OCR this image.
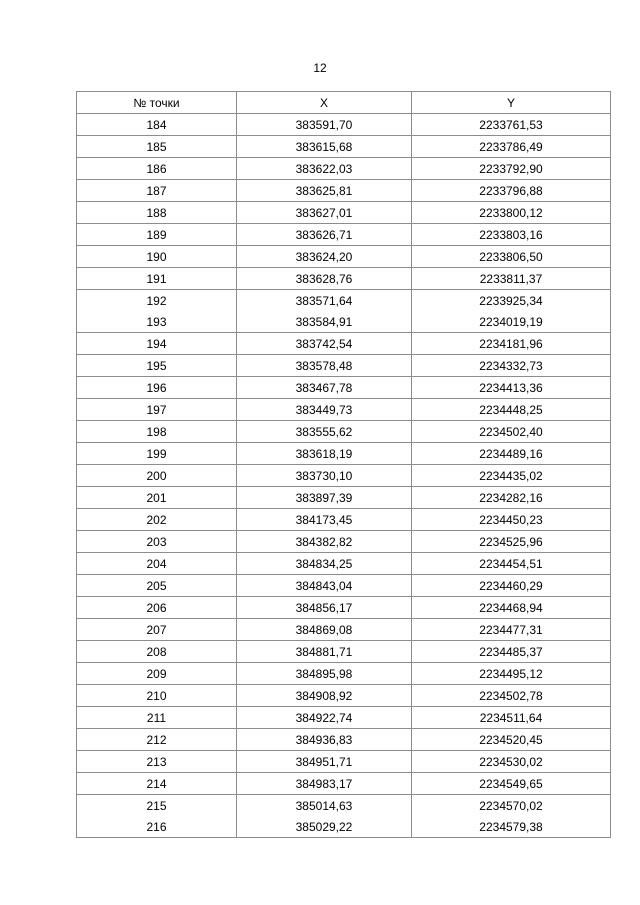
12
№ точки	X	Y
184	383591,70	2233761,53
185	383615,68	2233786,49
186	383622,03	2233792,90
187	383625,81	2233796,88
188	383627,01	2233800,12
189	383626,71	2233803,16
190	383624,20	2233806,50
191	383628,76	2233811,37
192	383571,64	2233925,34
193	383584,91	2234019,19
194	383742,54	2234181,96
195	383578,48	2234332,73
196	383467,78	2234413,36
197	383449,73	2234448,25
198	383555,62	2234502,40
199	383618,19	2234489,16
200	383730,10	2234435,02
201	383897,39	2234282,16
202	384173,45	2234450,23
203	384382,82	2234525,96
204	384834,25	2234454,51
205	384843,04	2234460,29
206	384856,17	2234468,94
207	384869,08	2234477,31
208	384881,71	2234485,37
209	384895,98	2234495,12
210	384908,92	2234502,78
211	384922,74	2234511,64
212	384936,83	2234520,45
213	384951,71	2234530,02
214	384983,17	2234549,65
215	385014,63	2234570,02
216	385029,22	2234579,38
